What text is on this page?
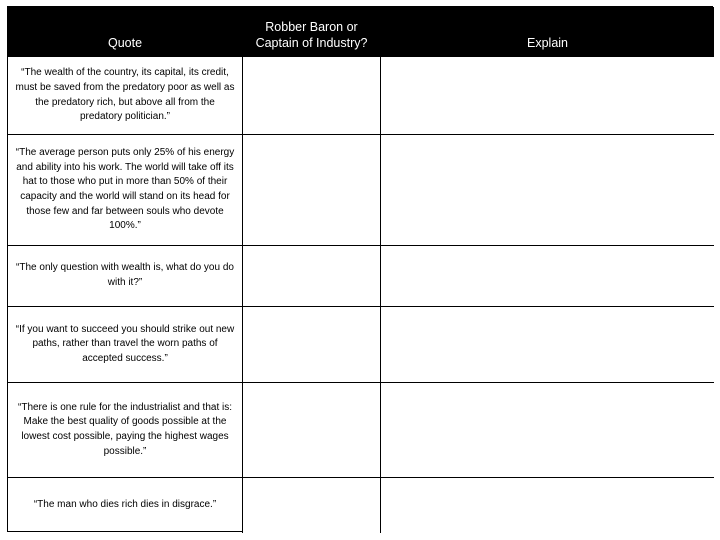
Quote
Robber Baron or
Captain of Industry?	Explain
“The wealth of the country, its capital, its credit, must be saved from the predatory poor as well as the predatory rich, but above all from the predatory politician.”
“The average person puts only 25% of his energy and ability into his work. The world will take off its hat to those who put in more than 50% of their capacity and the world will stand on its head for those few and far between souls who devote 100%.”
“The only question with wealth is, what do you do with it?”
“If you want to succeed you should strike out new paths, rather than travel the worn paths of accepted success.”
“There is one rule for the industrialist and that is: Make the best quality of goods possible at the lowest cost possible, paying the highest wages possible.”
“The man who dies rich dies in disgrace.”
